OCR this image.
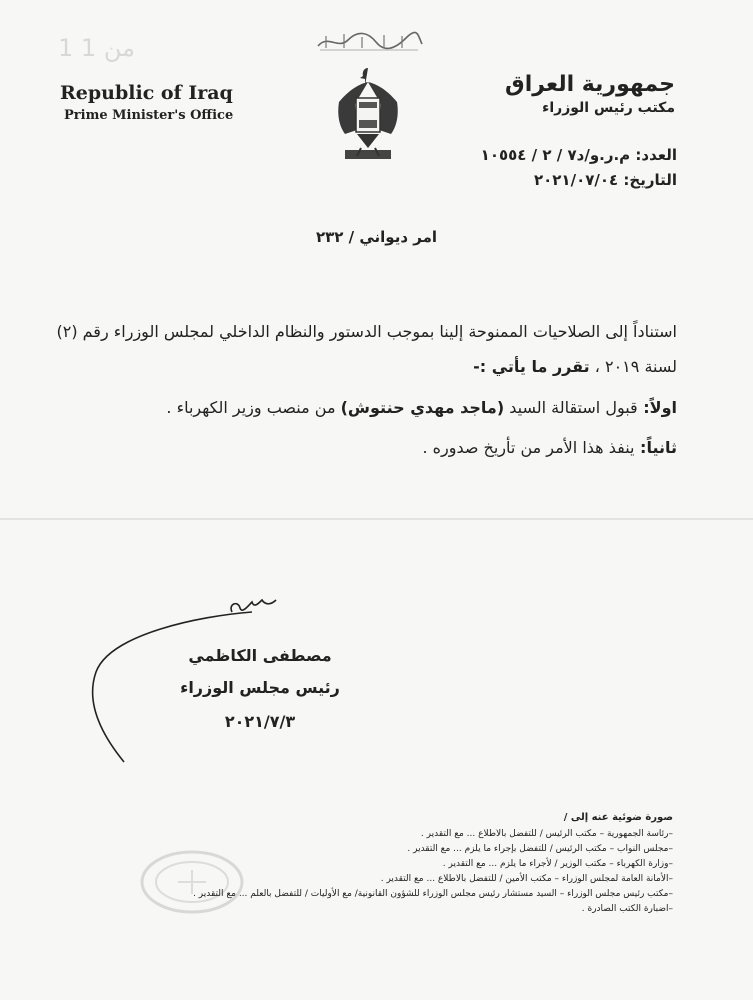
1 من 1
Republic of Iraq
Prime Minister's Office
جمهورية العراق
مكتب رئيس الوزراء
العدد: م.ر.و/د٧ / ٢ / ١٠٥٥٤
التاريخ: ٢٠٢١/٠٧/٠٤
امر ديواني / ٢٣٢
استناداً إلى الصلاحيات الممنوحة إلينا بموجب الدستور والنظام الداخلي لمجلس الوزراء رقم (٢)
لسنة ٢٠١٩ ، تقرر ما يأتي :-
اولاً: قبول استقالة السيد (ماجد مهدي حنتوش) من منصب وزير الكهرباء .
ثانياً: ينفذ هذا الأمر من تأريخ صدوره .
مصطفى الكاظمي
رئيس مجلس الوزراء
٢٠٢١/٧/٣
صورة ضوئية عنه إلى /
–رئاسة الجمهورية – مكتب الرئيس / للتفضل بالاطلاع ... مع التقدير .
–مجلس النواب – مكتب الرئيس / للتفضل بإجراء ما يلزم ... مع التقدير .
–وزارة الكهرباء – مكتب الوزير / لأجراء ما يلزم ... مع التقدير .
–الأمانة العامة لمجلس الوزراء – مكتب الأمين / للتفضل بالاطلاع ... مع التقدير .
–مكتب رئيس مجلس الوزراء – السيد مستشار رئيس مجلس الوزراء للشؤون القانونية/ مع الأوليات / للتفضل بالعلم ... مع التقدير .
–اضبارة الكتب الصادرة .
